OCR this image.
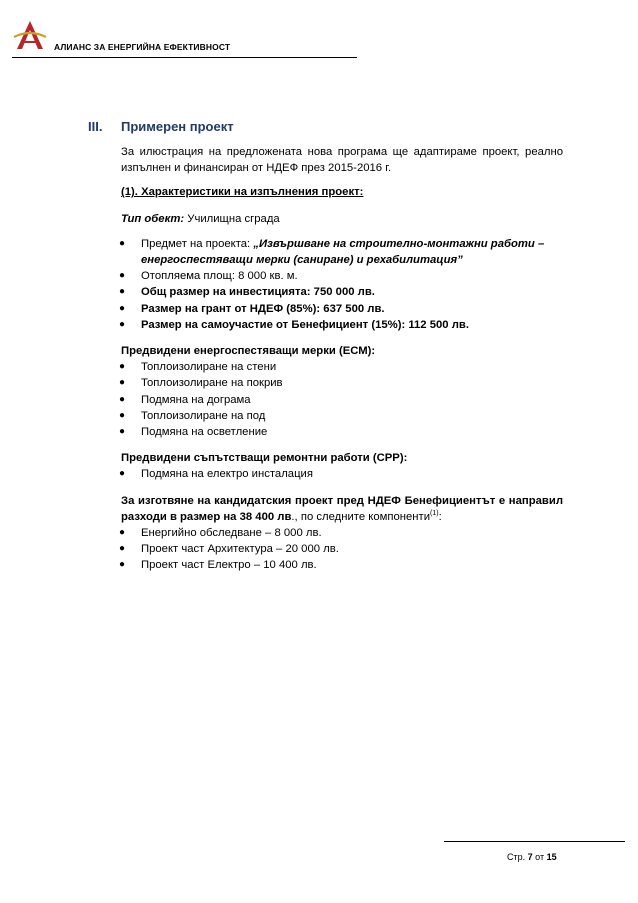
АЛИАНС ЗА ЕНЕРГИЙНА ЕФЕКТИВНОСТ
III. Примерен проект

За илюстрация на предложената нова програма ще адаптираме проект, реално изпълнен и финансиран от НДЕФ през 2015-2016 г.

(1). Характеристики на изпълнения проект:

Тип обект: Училищна сграда

● Предмет на проекта: „Извършване на строително-монтажни работи – енергоспестяващи мерки (саниране) и рехабилитация”
● Отопляема площ: 8 000 кв. м.
● Общ размер на инвестицията: 750 000 лв.
● Размер на грант от НДЕФ (85%): 637 500 лв.
● Размер на самоучастие от Бенефициент (15%): 112 500 лв.

Предвидени енергоспестяващи мерки (ЕСМ):

● Топлоизолиране на стени
● Топлоизолиране на покрив
● Подмяна на дограма
● Топлоизолиране на под
● Подмяна на осветление

Предвидени съпътстващи ремонтни работи (СРР):

● Подмяна на електро инсталация

За изготвяне на кандидатския проект пред НДЕФ Бенефициентът е направил разходи в размер на 38 400 лв., по следните компоненти$^{(1)}$:

● Енергийно обследване – 8 000 лв.
● Проект част Архитектура – 20 000 лв.
● Проект част Електро – 10 400 лв.
Стр. 7 от 15
